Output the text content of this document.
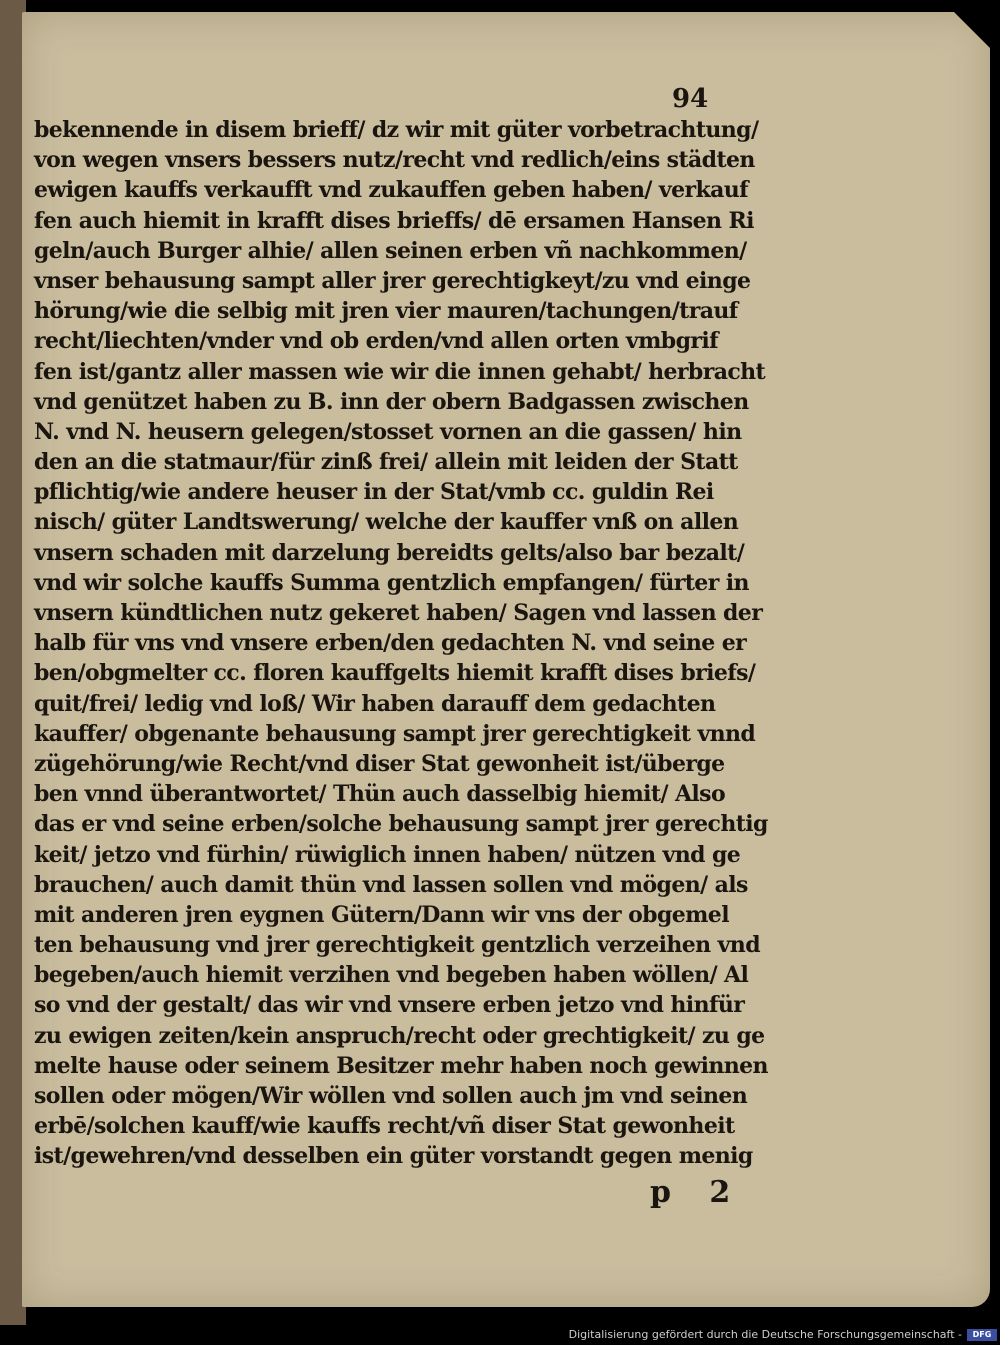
94
bekennende in disem brieff/ dz wir mit güter vorbetrachtung/
von wegen vnsers bessers nutz/recht vnd redlich/eins städten
ewigen kauffs verkaufft vnd zukauffen geben haben/ verkauf
fen auch hiemit in krafft dises brieffs/ dē ersamen Hansen Ri
geln/auch Burger alhie/ allen seinen erben vñ nachkommen/
vnser behausung sampt aller jrer gerechtigkeyt/zu vnd einge
hörung/wie die selbig mit jren vier mauren/tachungen/trauf
recht/liechten/vnder vnd ob erden/vnd allen orten vmbgrif
fen ist/gantz aller massen wie wir die innen gehabt/ herbracht
vnd genützet haben zu B. inn der obern Badgassen zwischen
N. vnd N. heusern gelegen/stosset vornen an die gassen/ hin
den an die statmaur/für zinß frei/ allein mit leiden der Statt
pflichtig/wie andere heuser in der Stat/vmb cc. guldin Rei
nisch/ güter Landtswerung/ welche der kauffer vnß on allen
vnsern schaden mit darzelung bereidts gelts/also bar bezalt/
vnd wir solche kauffs Summa gentzlich empfangen/ fürter in
vnsern kündtlichen nutz gekeret haben/ Sagen vnd lassen der
halb für vns vnd vnsere erben/den gedachten N. vnd seine er
ben/obgmelter cc. floren kauffgelts hiemit krafft dises briefs/
quit/frei/ ledig vnd loß/ Wir haben darauff dem gedachten
kauffer/ obgenante behausung sampt jrer gerechtigkeit vnnd
zügehörung/wie Recht/vnd diser Stat gewonheit ist/überge
ben vnnd überantwortet/ Thün auch dasselbig hiemit/ Also
das er vnd seine erben/solche behausung sampt jrer gerechtig
keit/ jetzo vnd fürhin/ rüwiglich innen haben/ nützen vnd ge
brauchen/ auch damit thün vnd lassen sollen vnd mögen/ als
mit anderen jren eygnen Gütern/Dann wir vns der obgemel
ten behausung vnd jrer gerechtigkeit gentzlich verzeihen vnd
begeben/auch hiemit verzihen vnd begeben haben wöllen/ Al
so vnd der gestalt/ das wir vnd vnsere erben jetzo vnd hinfür
zu ewigen zeiten/kein anspruch/recht oder grechtigkeit/ zu ge
melte hause oder seinem Besitzer mehr haben noch gewinnen
sollen oder mögen/Wir wöllen vnd sollen auch jm vnd seinen
erbē/solchen kauff/wie kauffs recht/vñ diser Stat gewonheit
ist/gewehren/vnd desselben ein güter vorstandt gegen menig
p 2
Digitalisierung gefördert durch die Deutsche Forschungsgemeinschaft -	DFG
